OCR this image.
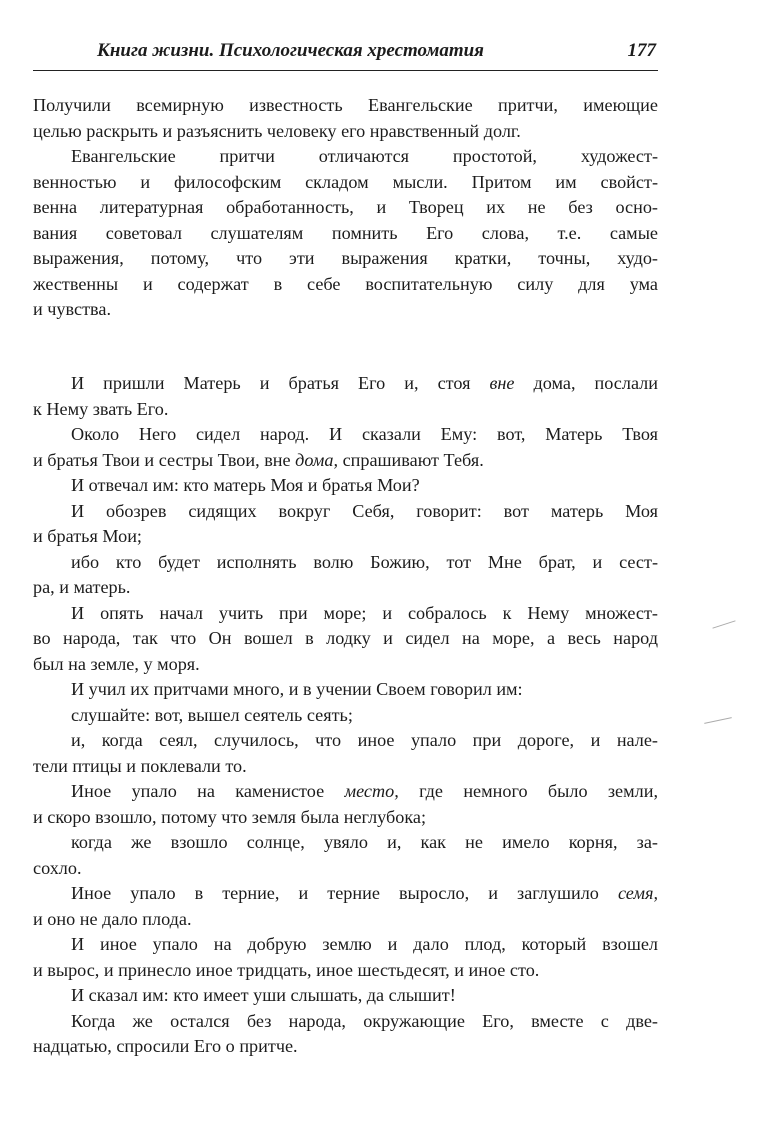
Книга жизни. Психологическая хрестоматия	177
Получили всемирную известность Евангельские притчи, имеющие
целью раскрыть и разъяснить человеку его нравственный долг.
Евангельские притчи отличаются простотой, художест-
венностью и философским складом мысли. Притом им свойст-
венна литературная обработанность, и Творец их не без осно-
вания советовал слушателям помнить Его слова, т.е. самые
выражения, потому, что эти выражения кратки, точны, худо-
жественны и содержат в себе воспитательную силу для ума
и чувства.
И пришли Матерь и братья Его и, стоя вне дома, послали
к Нему звать Его.
Около Него сидел народ. И сказали Ему: вот, Матерь Твоя
и братья Твои и сестры Твои, вне дома, спрашивают Тебя.
И отвечал им: кто матерь Моя и братья Мои?
И обозрев сидящих вокруг Себя, говорит: вот матерь Моя
и братья Мои;
ибо кто будет исполнять волю Божию, тот Мне брат, и сест-
ра, и матерь.
И опять начал учить при море; и собралось к Нему множест-
во народа, так что Он вошел в лодку и сидел на море, а весь народ
был на земле, у моря.
И учил их притчами много, и в учении Своем говорил им:
слушайте: вот, вышел сеятель сеять;
и, когда сеял, случилось, что иное упало при дороге, и нале-
тели птицы и поклевали то.
Иное упало на каменистое место, где немного было земли,
и скоро взошло, потому что земля была неглубока;
когда же взошло солнце, увяло и, как не имело корня, за-
сохло.
Иное упало в терние, и терние выросло, и заглушило семя,
и оно не дало плода.
И иное упало на добрую землю и дало плод, который взошел
и вырос, и принесло иное тридцать, иное шестьдесят, и иное сто.
И сказал им: кто имеет уши слышать, да слышит!
Когда же остался без народа, окружающие Его, вместе с две-
надцатью, спросили Его о притче.
